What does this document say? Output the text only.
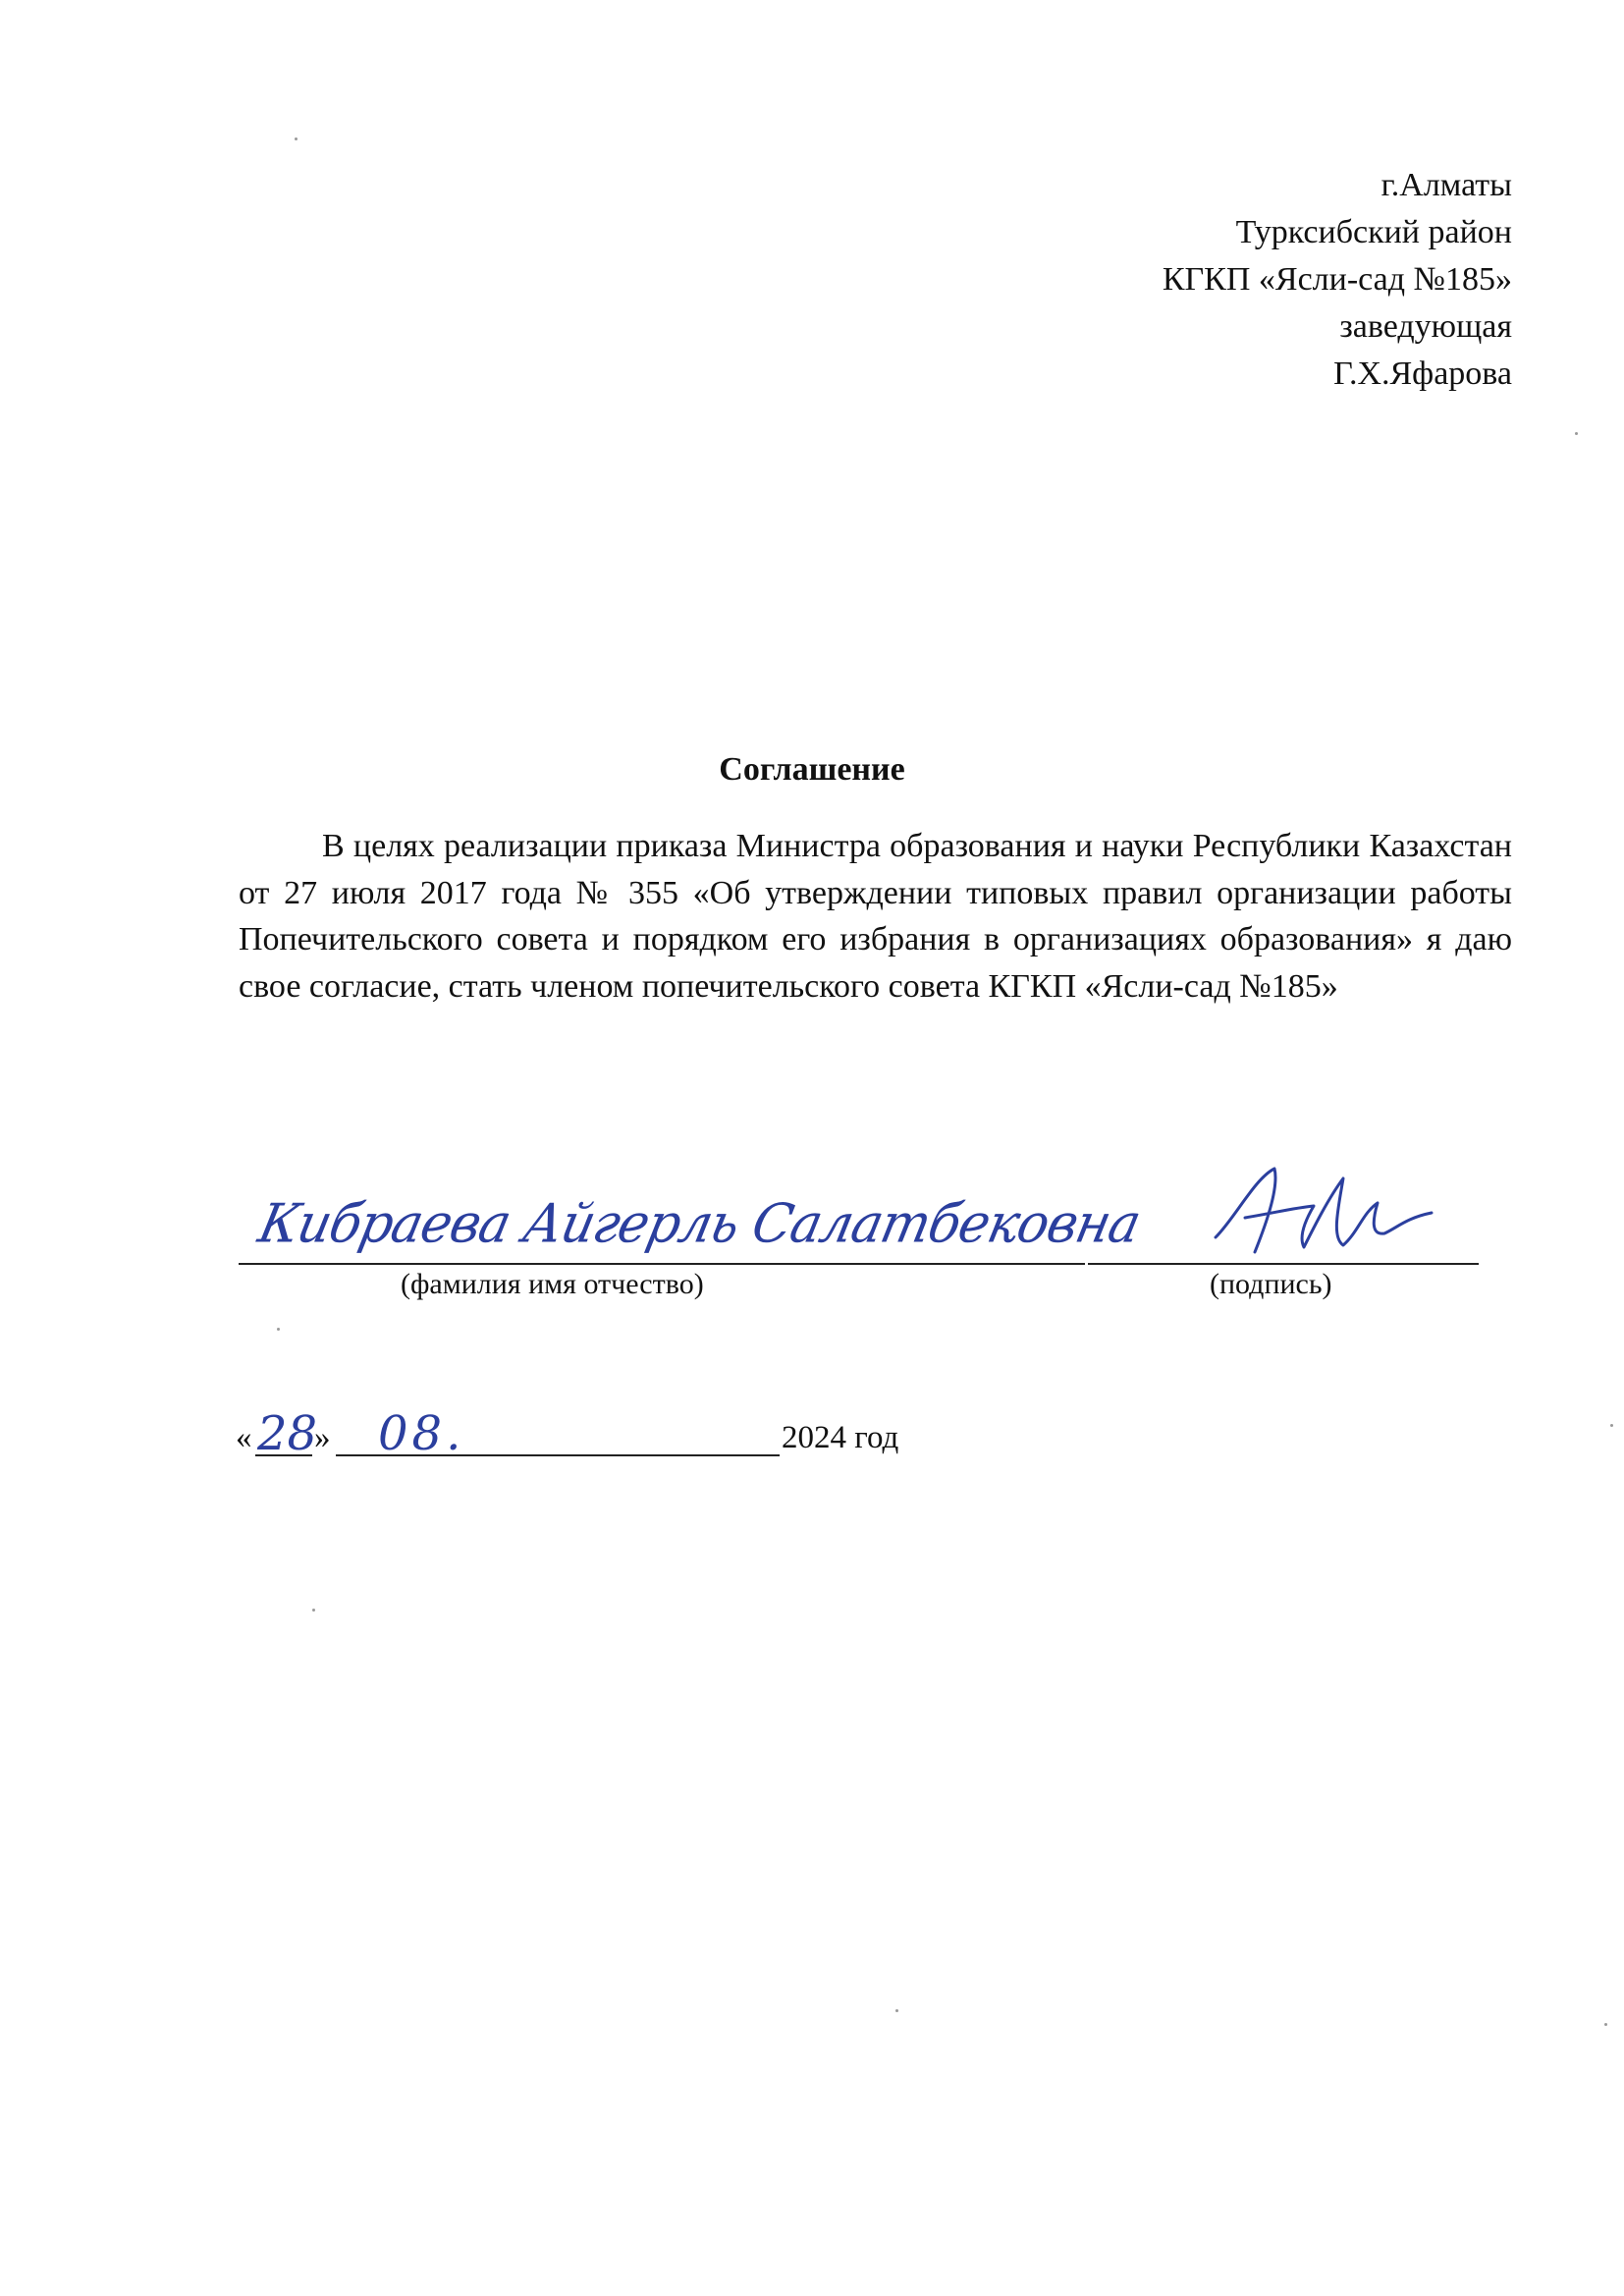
г.Алматы
Турксибский район
КГКП «Ясли-сад №185»
заведующая
Г.Х.Яфарова
Соглашение

В целях реализации приказа Министра образования и науки Республики Казахстан от 27 июля 2017 года № 355 «Об утверждении типовых правил организации работы Попечительского совета и порядком его избрания в организациях образования» я даю свое согласие, стать членом попечительского совета КГКП «Ясли-сад №185»

Кибраева Айгерль Салатбековна
(фамилия имя отчество)	(подпись)
« 28
» 08.	2024 год
